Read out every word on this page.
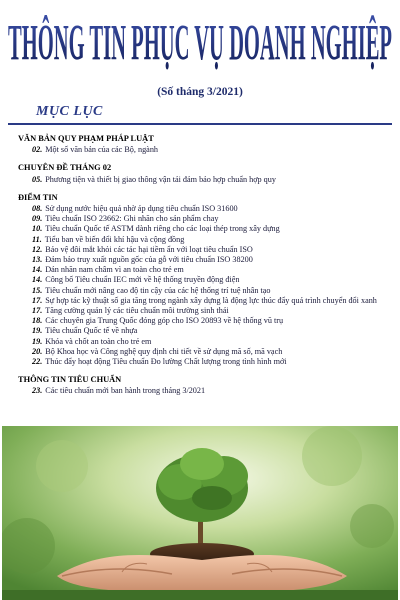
THÔNG TIN PHỤC VỤ DOANH NGHIỆP
(Số tháng 3/2021)
MỤC LỤC
VĂN BẢN QUY PHẠM PHÁP LUẬT
02. Một số văn bản của các Bộ, ngành
CHUYÊN ĐỀ THÁNG 02
05. Phương tiện và thiết bị giao thông vận tải đảm bảo hợp chuẩn hợp quy
ĐIỂM TIN
08. Sử dụng nước hiệu quả nhờ áp dụng tiêu chuẩn ISO 31600
09. Tiêu chuẩn ISO 23662: Ghi nhãn cho sản phẩm chay
10. Tiêu chuẩn Quốc tế ASTM dành riêng cho các loại thép trong xây dựng
11. Tiểu ban về biến đổi khí hậu và cộng đồng
12. Bảo vệ đôi mắt khỏi các tác hại tiềm ẩn với loạt tiêu chuẩn ISO
13. Đảm bảo truy xuất nguồn gốc của gỗ với tiêu chuẩn ISO 38200
14. Dán nhãn nam châm vì an toàn cho trẻ em
14. Công bố Tiêu chuẩn IEC mới về hệ thống truyền động điện
15. Tiêu chuẩn mới nâng cao độ tin cậy của các hệ thống trí tuệ nhân tạo
17. Sự hợp tác kỹ thuật số gia tăng trong ngành xây dựng là động lực thúc đẩy quá trình chuyển đổi xanh
17. Tăng cường quản lý các tiêu chuẩn môi trường sinh thái
18. Các chuyên gia Trung Quốc đóng góp cho ISO 20893 về hệ thống vũ trụ
19. Tiêu chuẩn Quốc tế về nhựa
19. Khóa và chốt an toàn cho trẻ em
20. Bộ Khoa học và Công nghệ quy định chi tiết về sử dụng mã số, mã vạch
22. Thúc đẩy hoạt động Tiêu chuẩn Đo lường Chất lượng trong tình hình mới
THÔNG TIN TIÊU CHUẨN
23. Các tiêu chuẩn mới ban hành trong tháng 3/2021
